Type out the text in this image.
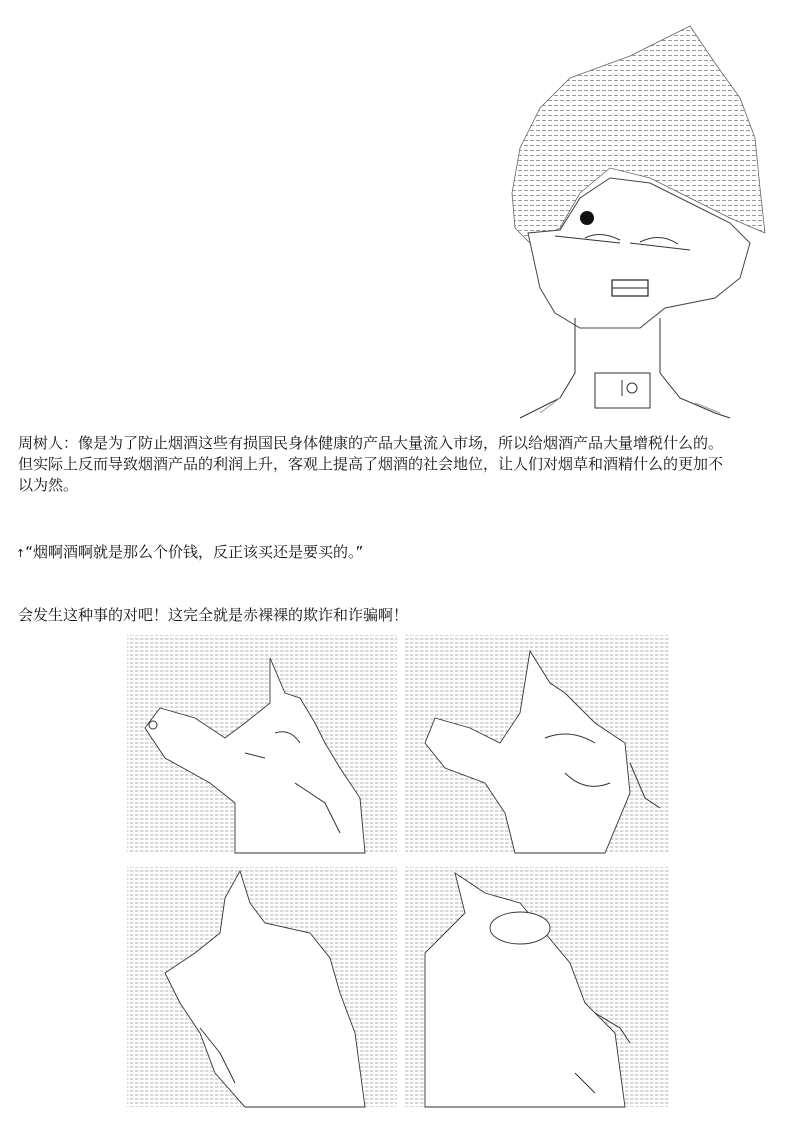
周树人：像是为了防止烟酒这些有损国民身体健康的产品大量流入市场，所以给烟酒产品大量增税什么的。
但实际上反而导致烟酒产品的利润上升，客观上提高了烟酒的社会地位，让人们对烟草和酒精什么的更加不
以为然。

↑“烟啊酒啊就是那么个价钱，反正该买还是要买的。”

会发生这种事的对吧！这完全就是赤裸裸的欺诈和诈骗啊！
